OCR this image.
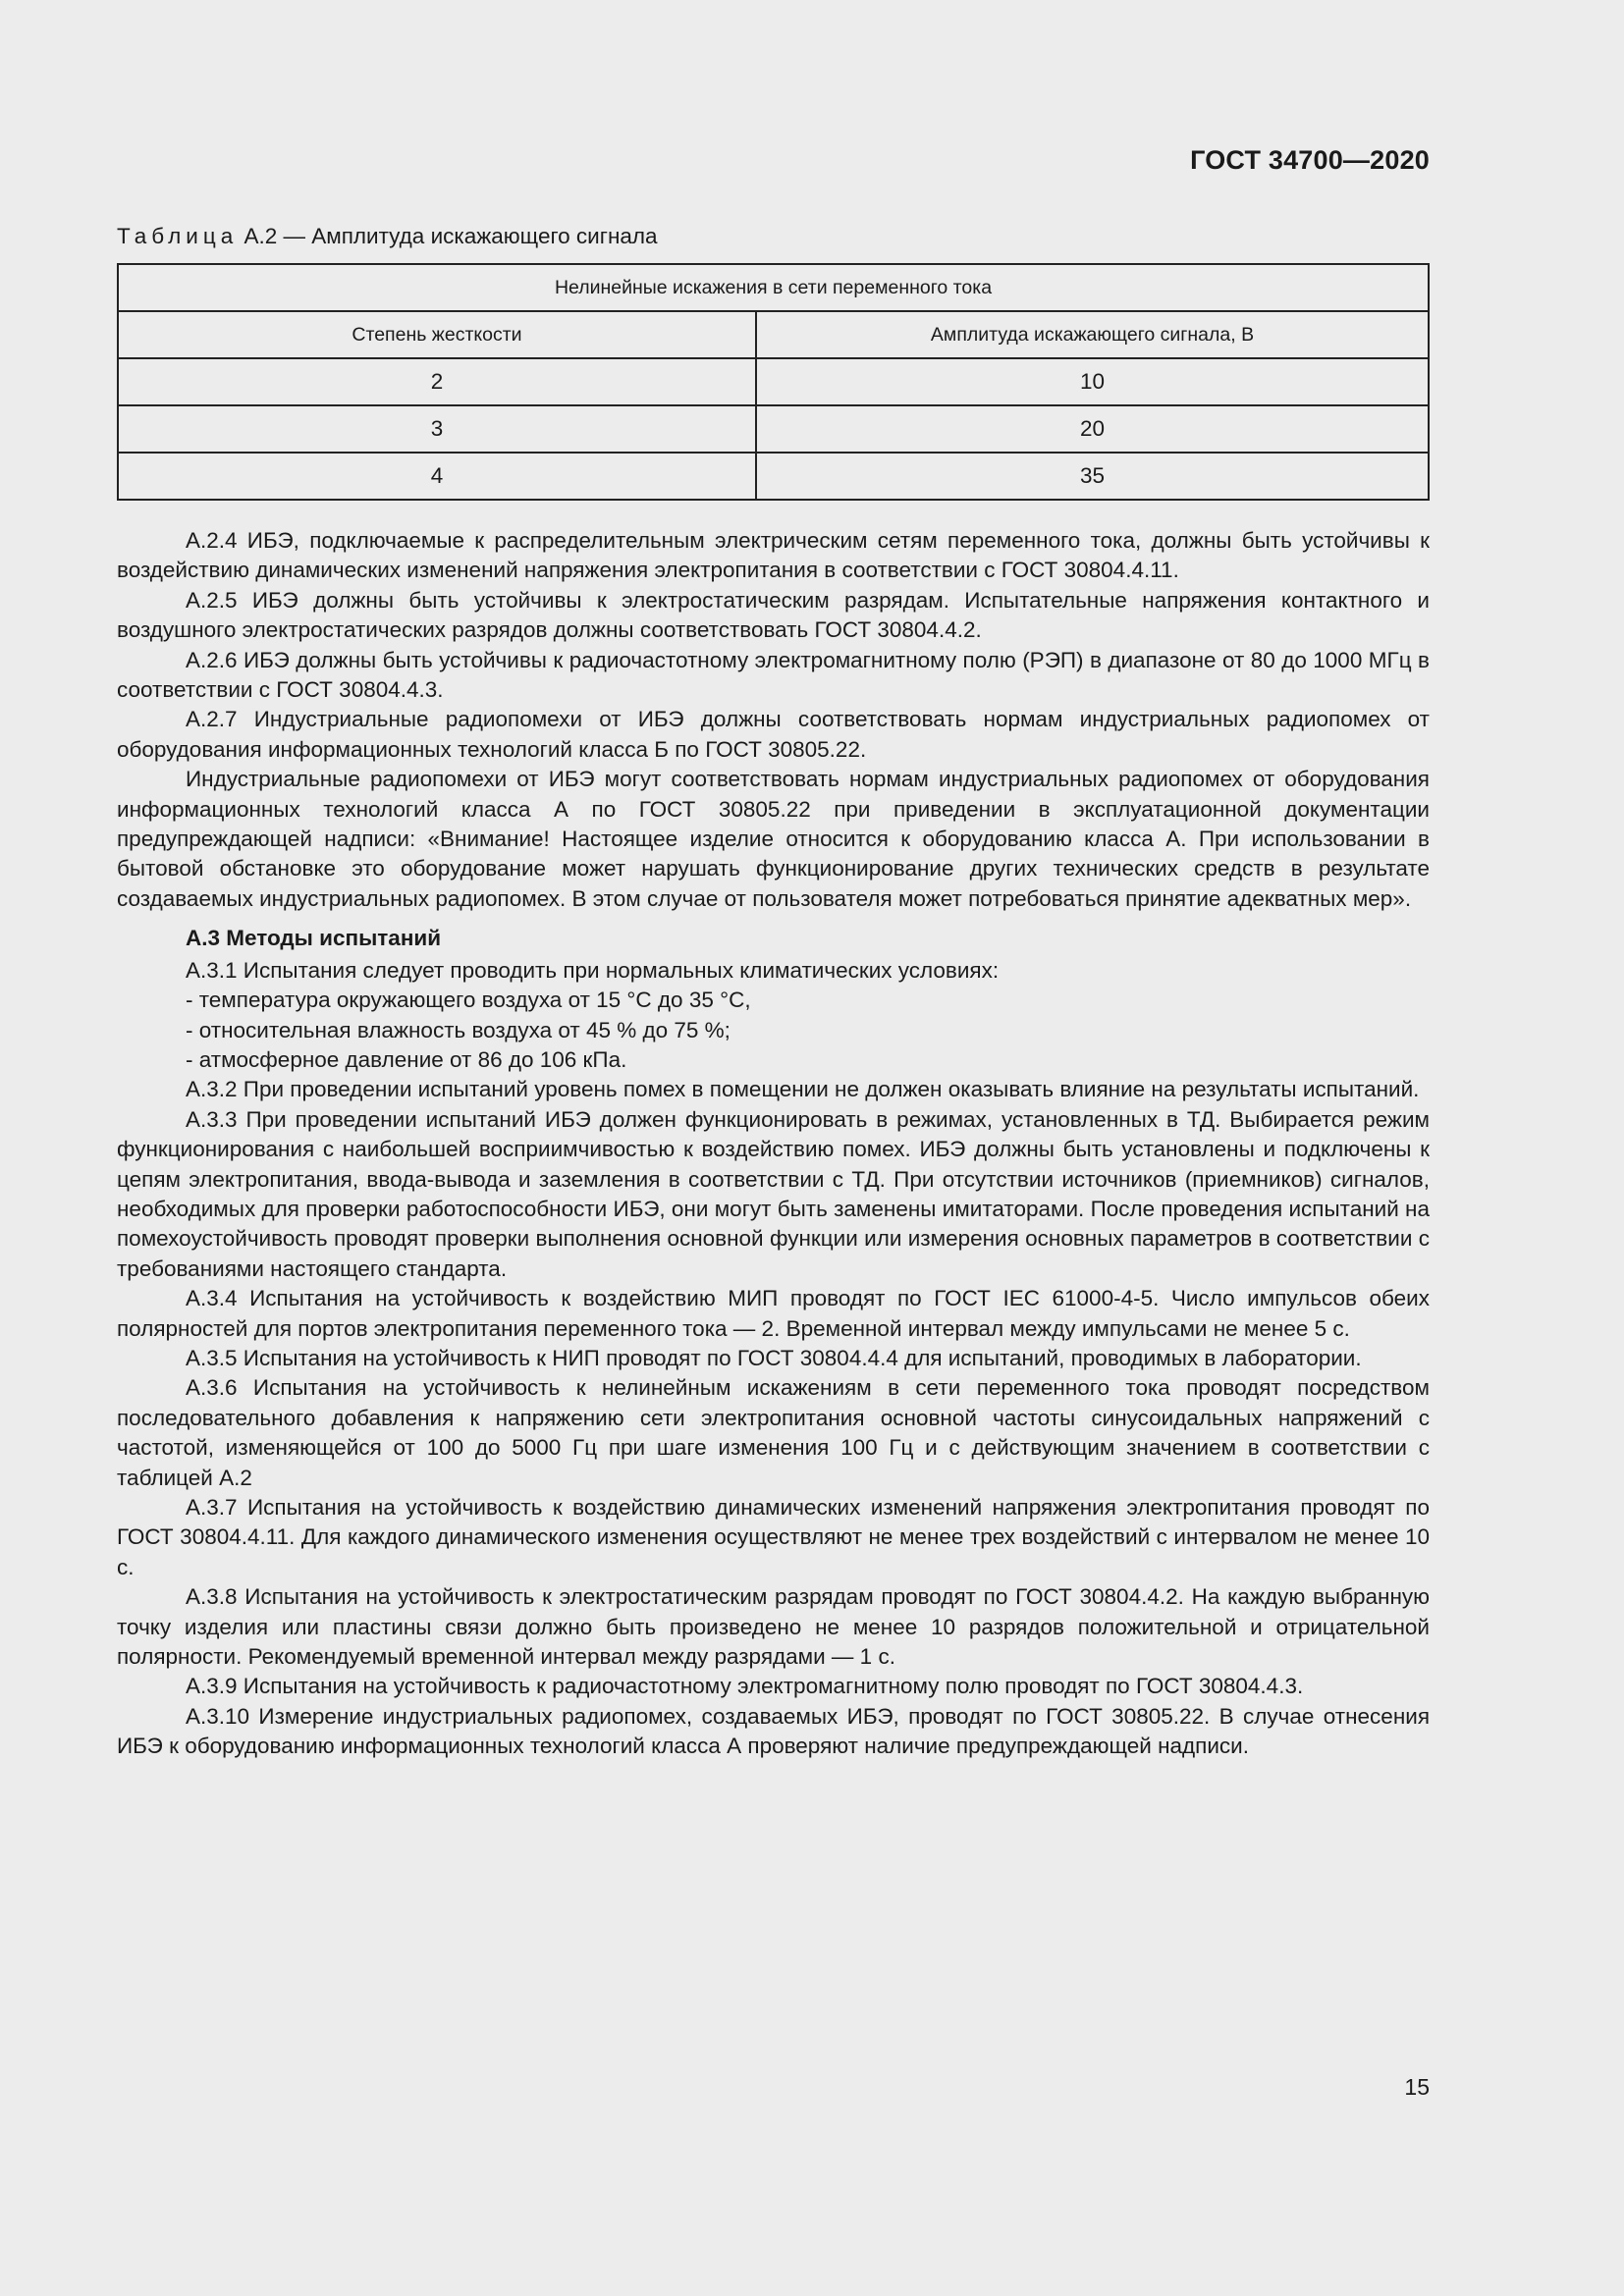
ГОСТ 34700—2020
Таблица А.2 — Амплитуда искажающего сигнала
Нелинейные искажения в сети переменного тока	
Степень жесткости	Амплитуда искажающего сигнала, В
2	10
3	20
4	35

А.2.4 ИБЭ, подключаемые к распределительным электрическим сетям переменного тока, должны быть устойчивы к воздействию динамических изменений напряжения электропитания в соответствии с ГОСТ 30804.4.11.

А.2.5 ИБЭ должны быть устойчивы к электростатическим разрядам. Испытательные напряжения контактного и воздушного электростатических разрядов должны соответствовать ГОСТ 30804.4.2.

А.2.6 ИБЭ должны быть устойчивы к радиочастотному электромагнитному полю (РЭП) в диапазоне от 80 до 1000 МГц в соответствии с ГОСТ 30804.4.3.

А.2.7 Индустриальные радиопомехи от ИБЭ должны соответствовать нормам индустриальных радиопомех от оборудования информационных технологий класса Б по ГОСТ 30805.22.

Индустриальные радиопомехи от ИБЭ могут соответствовать нормам индустриальных радиопомех от оборудования информационных технологий класса А по ГОСТ 30805.22 при приведении в эксплуатационной документации предупреждающей надписи: «Внимание! Настоящее изделие относится к оборудованию класса А. При использовании в бытовой обстановке это оборудование может нарушать функционирование других технических средств в результате создаваемых индустриальных радиопомех. В этом случае от пользователя может потребоваться принятие адекватных мер».

А.3 Методы испытаний

А.3.1 Испытания следует проводить при нормальных климатических условиях:

- температура окружающего воздуха от 15 °С до 35 °С,

- относительная влажность воздуха от 45 % до 75 %;

- атмосферное давление от 86 до 106 кПа.

А.3.2 При проведении испытаний уровень помех в помещении не должен оказывать влияние на результаты испытаний.

А.3.3 При проведении испытаний ИБЭ должен функционировать в режимах, установленных в ТД. Выбирается режим функционирования с наибольшей восприимчивостью к воздействию помех. ИБЭ должны быть установлены и подключены к цепям электропитания, ввода-вывода и заземления в соответствии с ТД. При отсутствии источников (приемников) сигналов, необходимых для проверки работоспособности ИБЭ, они могут быть заменены имитаторами. После проведения испытаний на помехоустойчивость проводят проверки выполнения основной функции или измерения основных параметров в соответствии с требованиями настоящего стандарта.

А.3.4 Испытания на устойчивость к воздействию МИП проводят по ГОСТ IEC 61000-4-5. Число импульсов обеих полярностей для портов электропитания переменного тока — 2. Временной интервал между импульсами не менее 5 с.

А.3.5 Испытания на устойчивость к НИП проводят по ГОСТ 30804.4.4 для испытаний, проводимых в лаборатории.

А.3.6 Испытания на устойчивость к нелинейным искажениям в сети переменного тока проводят посредством последовательного добавления к напряжению сети электропитания основной частоты синусоидальных напряжений с частотой, изменяющейся от 100 до 5000 Гц при шаге изменения 100 Гц и с действующим значением в соответствии с таблицей А.2

А.3.7 Испытания на устойчивость к воздействию динамических изменений напряжения электропитания проводят по ГОСТ 30804.4.11. Для каждого динамического изменения осуществляют не менее трех воздействий с интервалом не менее 10 с.

А.3.8 Испытания на устойчивость к электростатическим разрядам проводят по ГОСТ 30804.4.2. На каждую выбранную точку изделия или пластины связи должно быть произведено не менее 10 разрядов положительной и отрицательной полярности. Рекомендуемый временной интервал между разрядами — 1 с.

А.3.9 Испытания на устойчивость к радиочастотному электромагнитному полю проводят по ГОСТ 30804.4.3.

А.3.10 Измерение индустриальных радиопомех, создаваемых ИБЭ, проводят по ГОСТ 30805.22. В случае отнесения ИБЭ к оборудованию информационных технологий класса А проверяют наличие предупреждающей надписи.

15
